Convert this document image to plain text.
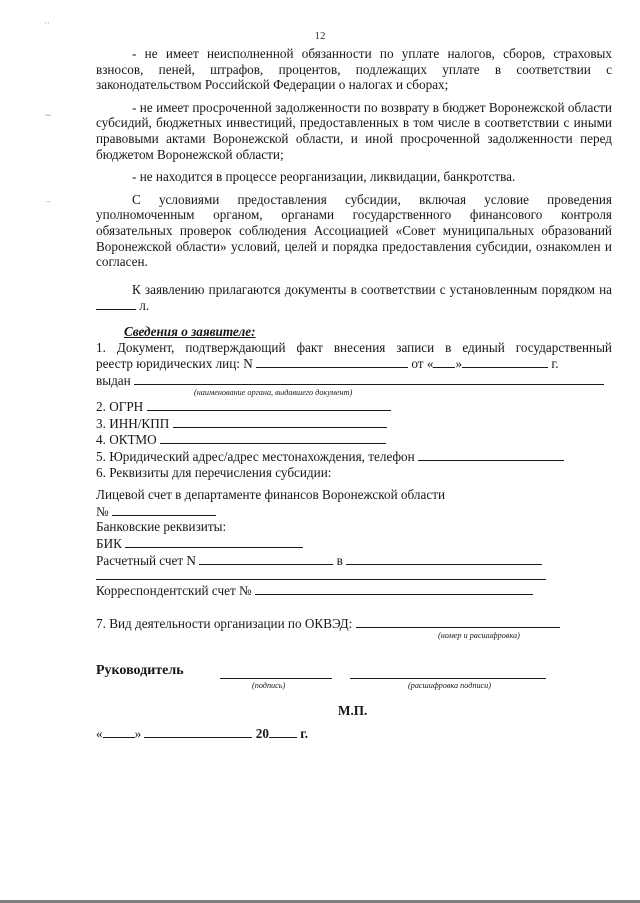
··
~
–
12

- не имеет неисполненной обязанности по уплате налогов, сборов, страховых взносов, пеней, штрафов, процентов, подлежащих уплате в соответствии с законодательством Российской Федерации о налогах и сборах;

- не имеет просроченной задолженности по возврату в бюджет Воронежской области субсидий, бюджетных инвестиций, предоставленных в том числе в соответствии с иными правовыми актами Воронежской области, и иной просроченной задолженности перед бюджетом Воронежской области;

- не находится в процессе реорганизации, ликвидации, банкротства.

С условиями предоставления субсидии, включая условие проведения уполномоченным органом, органами государственного финансового контроля обязательных проверок соблюдения Ассоциацией «Совет муниципальных образований Воронежской области» условий, целей и порядка предоставления субсидии, ознакомлен и согласен.

К заявлению прилагаются документы в соответствии с установленным порядком на  л.

Сведения о заявителе:

1. Документ, подтверждающий факт внесения записи в единый государственный

реестр юридических лиц: N	от « »	г.

выдан

(наименование органа, выдавшего документ)

2. ОГРН

3. ИНН/КПП

4. ОКТМО

5. Юридический адрес/адрес местонахождения, телефон

6. Реквизиты для перечисления субсидии:

Лицевой счет в департаменте финансов Воронежской области

№

Банковские реквизиты:

БИК

Расчетный счет N	в

Корреспондентский счет №

7. Вид деятельности организации по ОКВЭД:

(номер и расшифровка)
Руководитель
(подпись)	(расшифровка подписи)

М.П.

« »	20 г.
